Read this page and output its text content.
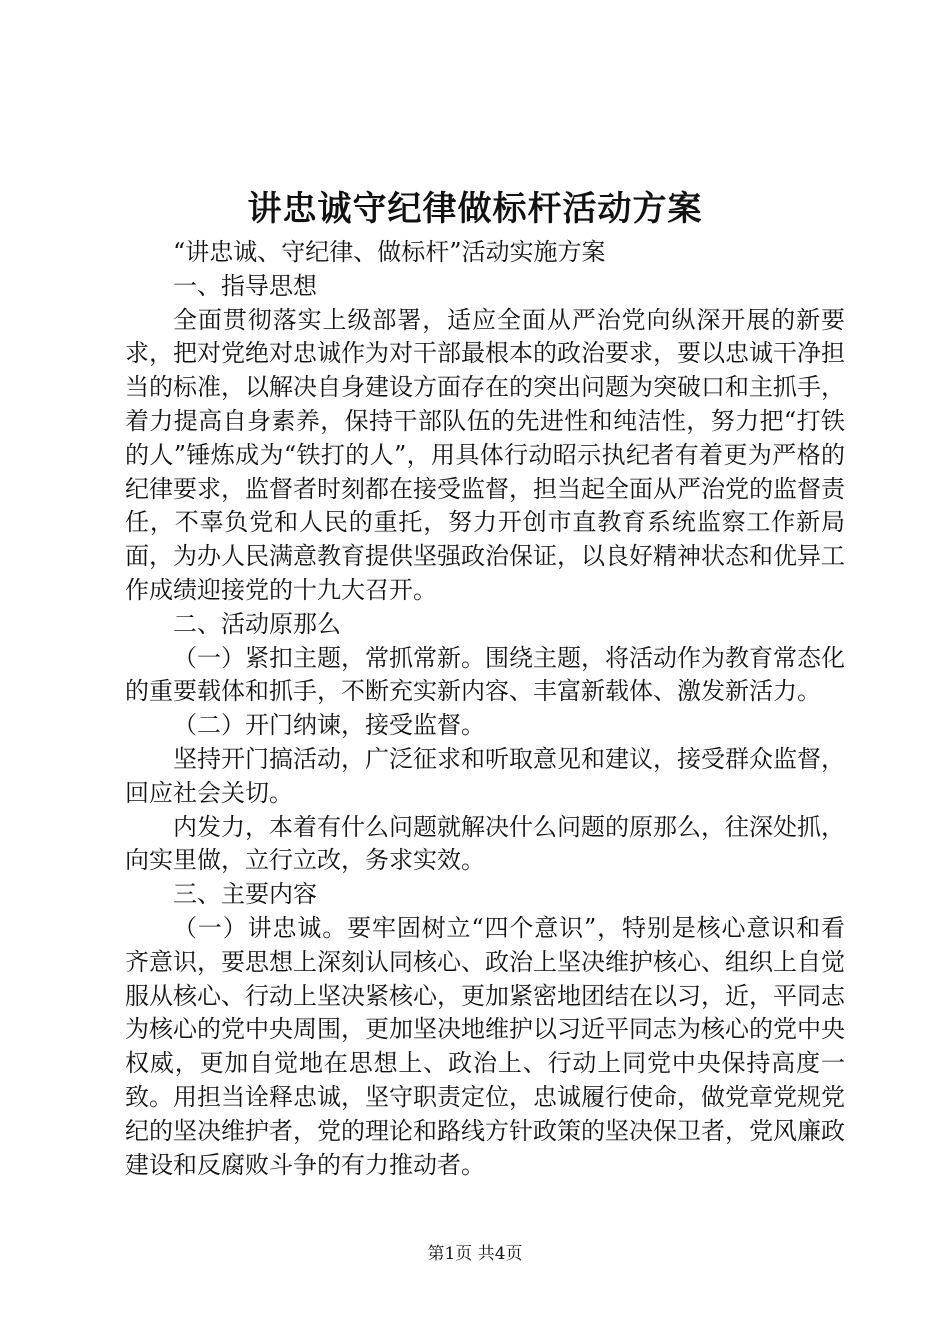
讲忠诚守纪律做标杆活动方案

“讲忠诚、守纪律、做标杆”活动实施方案

一、指导思想

全面贯彻落实上级部署，适应全面从严治党向纵深开展的新要求，把对党绝对忠诚作为对干部最根本的政治要求，要以忠诚干净担当的标准，以解决自身建设方面存在的突出问题为突破口和主抓手，着力提高自身素养，保持干部队伍的先进性和纯洁性，努力把“打铁的人”锤炼成为“铁打的人”，用具体行动昭示执纪者有着更为严格的纪律要求，监督者时刻都在接受监督，担当起全面从严治党的监督责任，不辜负党和人民的重托，努力开创市直教育系统监察工作新局面，为办人民满意教育提供坚强政治保证，以良好精神状态和优异工作成绩迎接党的十九大召开。

二、活动原那么

（一）紧扣主题，常抓常新。围绕主题，将活动作为教育常态化的重要载体和抓手，不断充实新内容、丰富新载体、激发新活力。

（二）开门纳谏，接受监督。

坚持开门搞活动，广泛征求和听取意见和建议，接受群众监督，回应社会关切。

内发力，本着有什么问题就解决什么问题的原那么，往深处抓，向实里做，立行立改，务求实效。

三、主要内容

（一）讲忠诚。要牢固树立“四个意识”，特别是核心意识和看齐意识，要思想上深刻认同核心、政治上坚决维护核心、组织上自觉服从核心、行动上坚决紧核心，更加紧密地团结在以习，近，平同志为核心的党中央周围，更加坚决地维护以习近平同志为核心的党中央权威，更加自觉地在思想上、政治上、行动上同党中央保持高度一致。用担当诠释忠诚，坚守职责定位，忠诚履行使命，做党章党规党纪的坚决维护者，党的理论和路线方针政策的坚决保卫者，党风廉政建设和反腐败斗争的有力推动者。

第1页 共4页
